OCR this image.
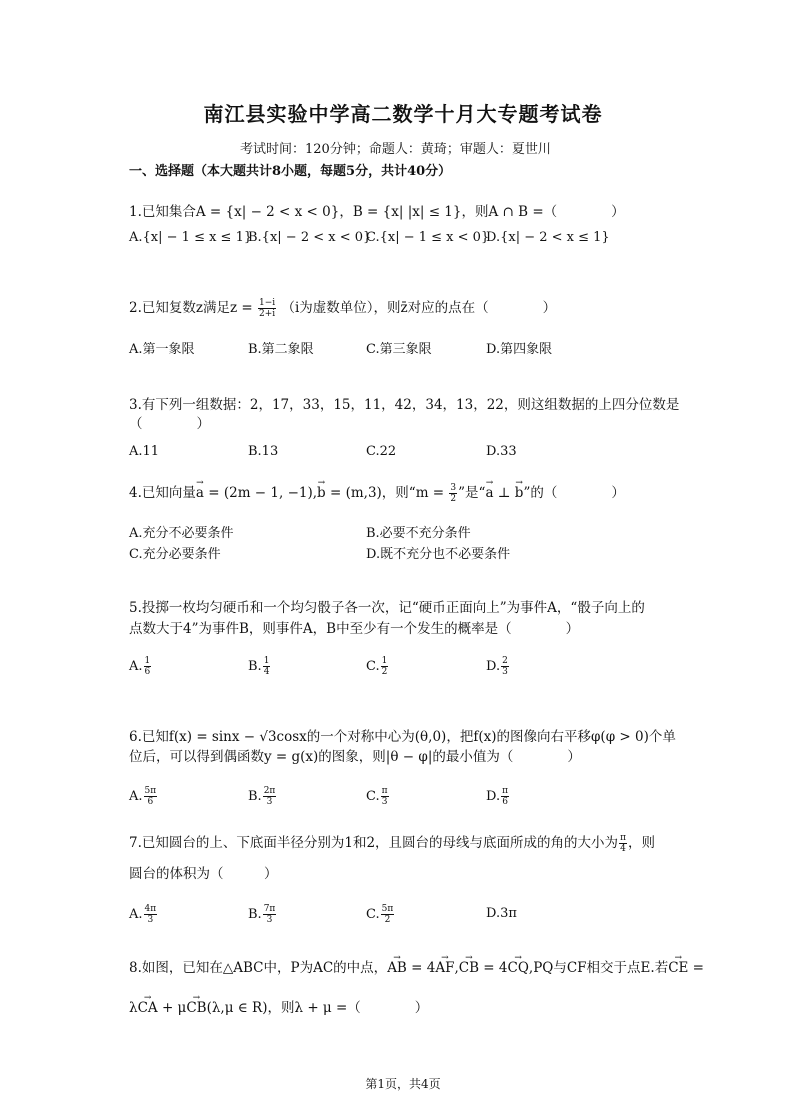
南江县实验中学高二数学十月大专题考试卷
考试时间：120分钟；命题人：黄琦；审题人：夏世川
一、选择题（本大题共计8小题，每题5分，共计40分）
1.已知集合A = {x| − 2 < x < 0}，B = {x| |x| ≤ 1}，则A ∩ B =（　　　　）
A.{x| − 1 ≤ x ≤ 1}
B.{x| − 2 < x < 0}
C.{x| − 1 ≤ x < 0}
D.{x| − 2 < x ≤ 1}
2.已知复数z满足$z = \frac{1-i}{2+i} (i$为虚数单位），则z̄对应的点在（　　　　）
A.第一象限	B.第二象限	C.第三象限	D.第四象限
3.有下列一组数据：2，17，33，15，11，42，34，13，22，则这组数据的上四分位数是
（　　　　）
A.11	B.13	C.22	D.33
4.已知向量→ a = (2m − 1, −1),→ b = (m,3)，则“$m = \frac{3}{2}$ ”是“→ a ⊥ → b”的（　　　　）
A.充分不必要条件	B.必要不充分条件
C.充分必要条件	D.既不充分也不必要条件
5.投掷一枚均匀硬币和一个均匀骰子各一次，记“硬币正面向上”为事件A，“骰子向上的
点数大于4”为事件B，则事件A，B中至少有一个发生的概率是（　　　　）
A. $\frac{1}{6}$	B. $\frac{1}{4}$	C. $\frac{1}{2}$	D. $\frac{2}{3}$
6.已知f(x) = sinx − √3cosx的一个对称中心为(θ,0)，把f(x)的图像向右平移φ(φ > 0)个单
位后，可以得到偶函数y = g(x)的图象，则|θ − φ|的最小值为（　　　　）
A. $\frac{5\pi}{6}$	B. $\frac{2\pi}{3}$	C. $\frac{\pi}{3}$	D. $\frac{\pi}{6}$
7.已知圆台的上、下底面半径分别为1和2，且圆台的母线与底面所成的角的大小为 $\frac{\pi}{4}$ ，则
圆台的体积为（　　　）
A. $\frac{4\pi}{3}$	B. $\frac{7\pi}{3}$	C. $\frac{5\pi}{2}$	D.3π
8.如图，已知在△ABC中，P为AC的中点，→ AB = 4→ AF,→ CB = 4→ CQ,PQ与CF相交于点E.若→ CE =
λ→ CA + μ→ CB(λ,μ ∈ R)，则λ + μ =（　　　　）
第1页，共4页
